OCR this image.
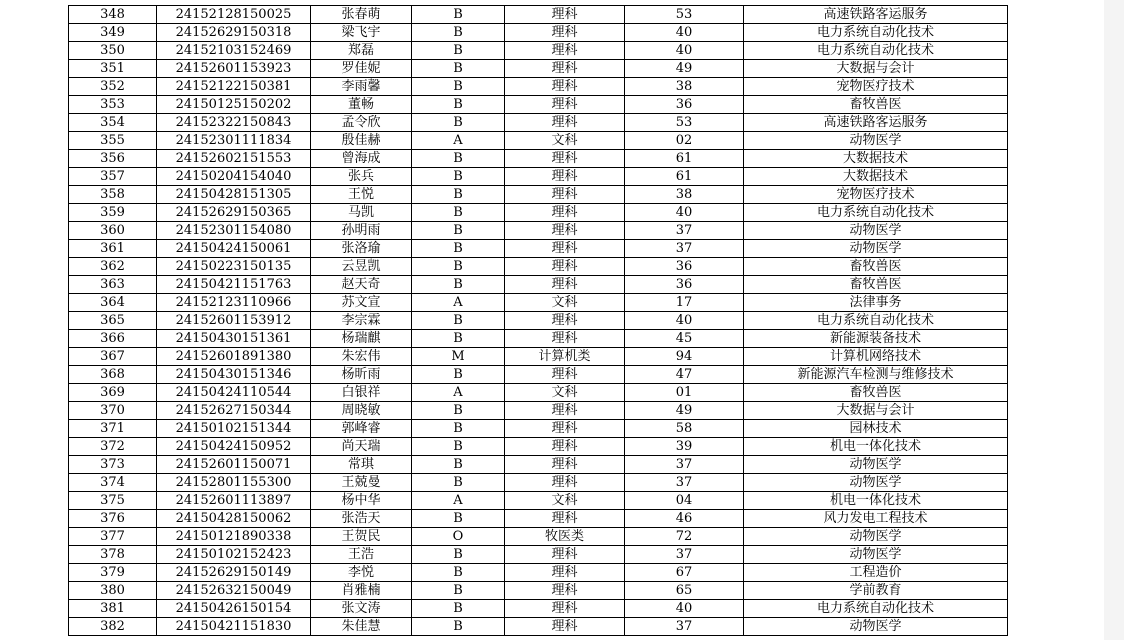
348	24152128150025	张春萌	B	理科	53	高速铁路客运服务
349	24152629150318	梁飞宇	B	理科	40	电力系统自动化技术
350	24152103152469	郑磊	B	理科	40	电力系统自动化技术
351	24152601153923	罗佳妮	B	理科	49	大数据与会计
352	24152122150381	李雨馨	B	理科	38	宠物医疗技术
353	24150125150202	董畅	B	理科	36	畜牧兽医
354	24152322150843	孟令欣	B	理科	53	高速铁路客运服务
355	24152301111834	殷佳赫	A	文科	02	动物医学
356	24152602151553	曾海成	B	理科	61	大数据技术
357	24150204154040	张兵	B	理科	61	大数据技术
358	24150428151305	王悦	B	理科	38	宠物医疗技术
359	24152629150365	马凯	B	理科	40	电力系统自动化技术
360	24152301154080	孙明雨	B	理科	37	动物医学
361	24150424150061	张洛瑜	B	理科	37	动物医学
362	24150223150135	云昱凯	B	理科	36	畜牧兽医
363	24150421151763	赵天奇	B	理科	36	畜牧兽医
364	24152123110966	苏文宣	A	文科	17	法律事务
365	24152601153912	李宗霖	B	理科	40	电力系统自动化技术
366	24150430151361	杨瑞麒	B	理科	45	新能源装备技术
367	24152601891380	朱宏伟	M	计算机类	94	计算机网络技术
368	24150430151346	杨昕雨	B	理科	47	新能源汽车检测与维修技术
369	24150424110544	白银祥	A	文科	01	畜牧兽医
370	24152627150344	周晓敏	B	理科	49	大数据与会计
371	24150102151344	郭峰睿	B	理科	58	园林技术
372	24150424150952	尚天瑞	B	理科	39	机电一体化技术
373	24152601150071	常琪	B	理科	37	动物医学
374	24152801155300	王兢曼	B	理科	37	动物医学
375	24152601113897	杨中华	A	文科	04	机电一体化技术
376	24150428150062	张浩天	B	理科	46	风力发电工程技术
377	24150121890338	王贺民	O	牧医类	72	动物医学
378	24150102152423	王浩	B	理科	37	动物医学
379	24152629150149	李悦	B	理科	67	工程造价
380	24152632150049	肖雅楠	B	理科	65	学前教育
381	24150426150154	张文涛	B	理科	40	电力系统自动化技术
382	24150421151830	朱佳慧	B	理科	37	动物医学
